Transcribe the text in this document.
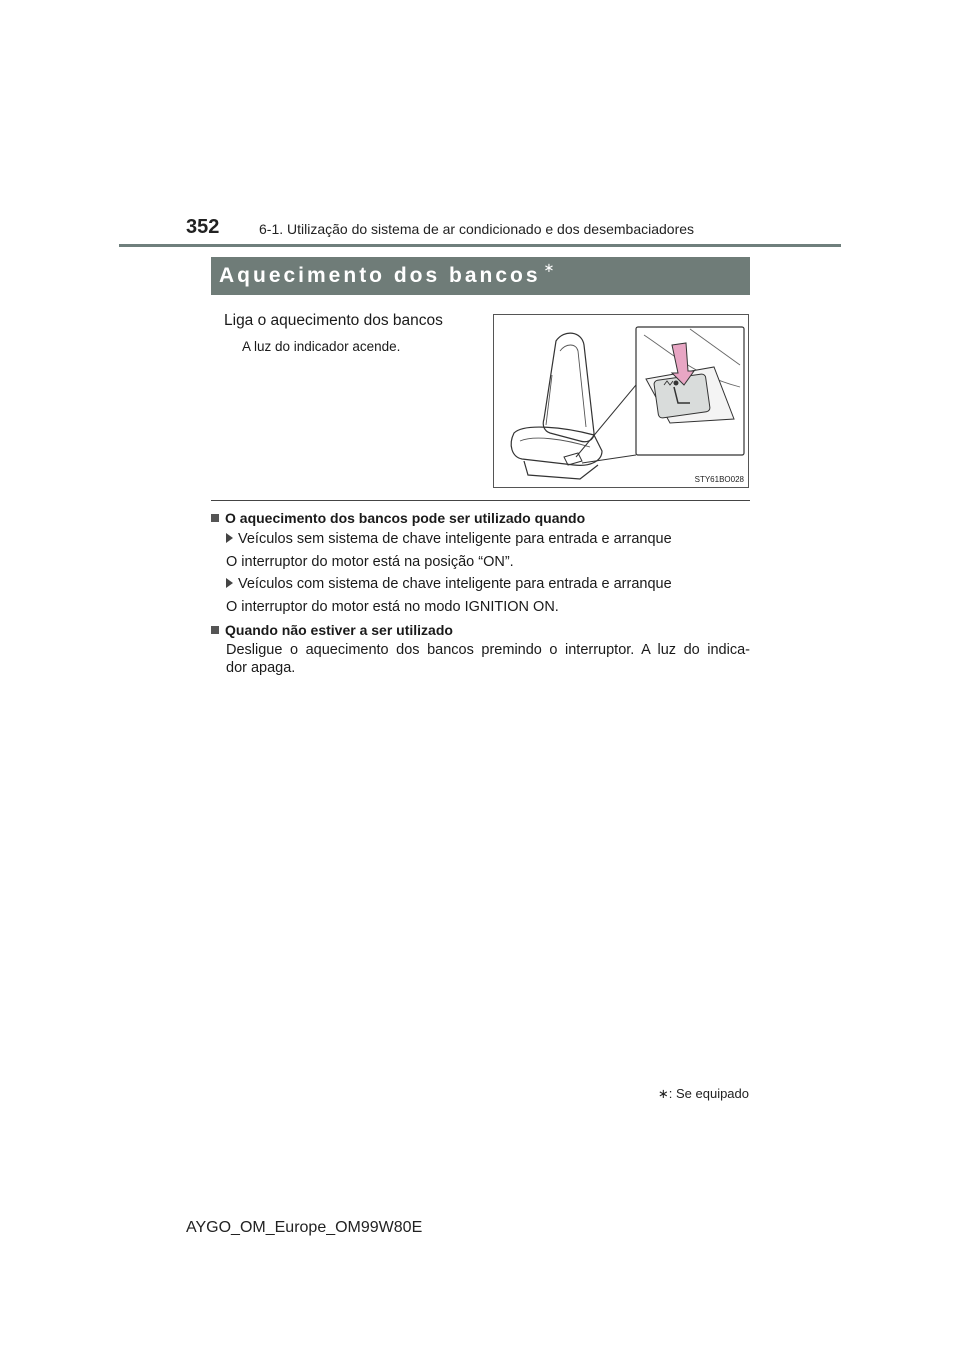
352	6-1. Utilização do sistema de ar condicionado e dos desembaciadores
Aquecimento dos bancos ∗
Liga o aquecimento dos bancos
A luz do indicador acende.
STY61BO028
O aquecimento dos bancos pode ser utilizado quando
Veículos sem sistema de chave inteligente para entrada e arranque
O interruptor do motor está na posição “ON”.
Veículos com sistema de chave inteligente para entrada e arranque
O interruptor do motor está no modo IGNITION ON.
Quando não estiver a ser utilizado
Desligue o aquecimento dos bancos premindo o interruptor. A luz do indica-
dor apaga.
∗: Se equipado
AYGO_OM_Europe_OM99W80E
